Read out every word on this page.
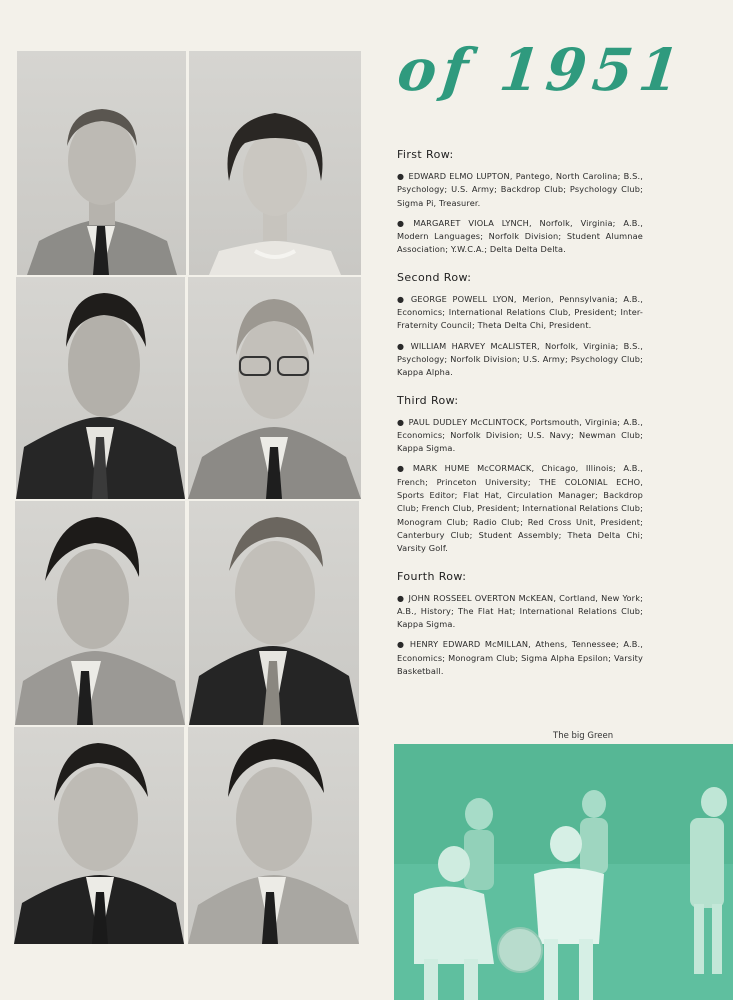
of 1951

First Row:

● EDWARD ELMO LUPTON, Pantego, North Carolina; B.S., Psychology; U.S. Army; Backdrop Club; Psychology Club; Sigma Pi, Treasurer.

● MARGARET VIOLA LYNCH, Norfolk, Virginia; A.B., Modern Languages; Norfolk Division; Student Alumnae Association; Y.W.C.A.; Delta Delta Delta.

Second Row:

● GEORGE POWELL LYON, Merion, Pennsylvania; A.B., Economics; International Relations Club, President; Inter-Fraternity Council; Theta Delta Chi, President.

● WILLIAM HARVEY McALISTER, Norfolk, Virginia; B.S., Psychology; Norfolk Division; U.S. Army; Psychology Club; Kappa Alpha.

Third Row:

● PAUL DUDLEY McCLINTOCK, Portsmouth, Virginia; A.B., Economics; Norfolk Division; U.S. Navy; Newman Club; Kappa Sigma.

● MARK HUME McCORMACK, Chicago, Illinois; A.B., French; Princeton University; THE COLONIAL ECHO, Sports Editor; Flat Hat, Circulation Manager; Backdrop Club; French Club, President; International Relations Club; Monogram Club; Radio Club; Red Cross Unit, President; Canterbury Club; Student Assembly; Theta Delta Chi; Varsity Golf.

Fourth Row:

● JOHN ROSSEEL OVERTON McKEAN, Cortland, New York; A.B., History; The Flat Hat; International Relations Club; Kappa Sigma.

● HENRY EDWARD McMILLAN, Athens, Tennessee; A.B., Economics; Monogram Club; Sigma Alpha Epsilon; Varsity Basketball.

The big Green
